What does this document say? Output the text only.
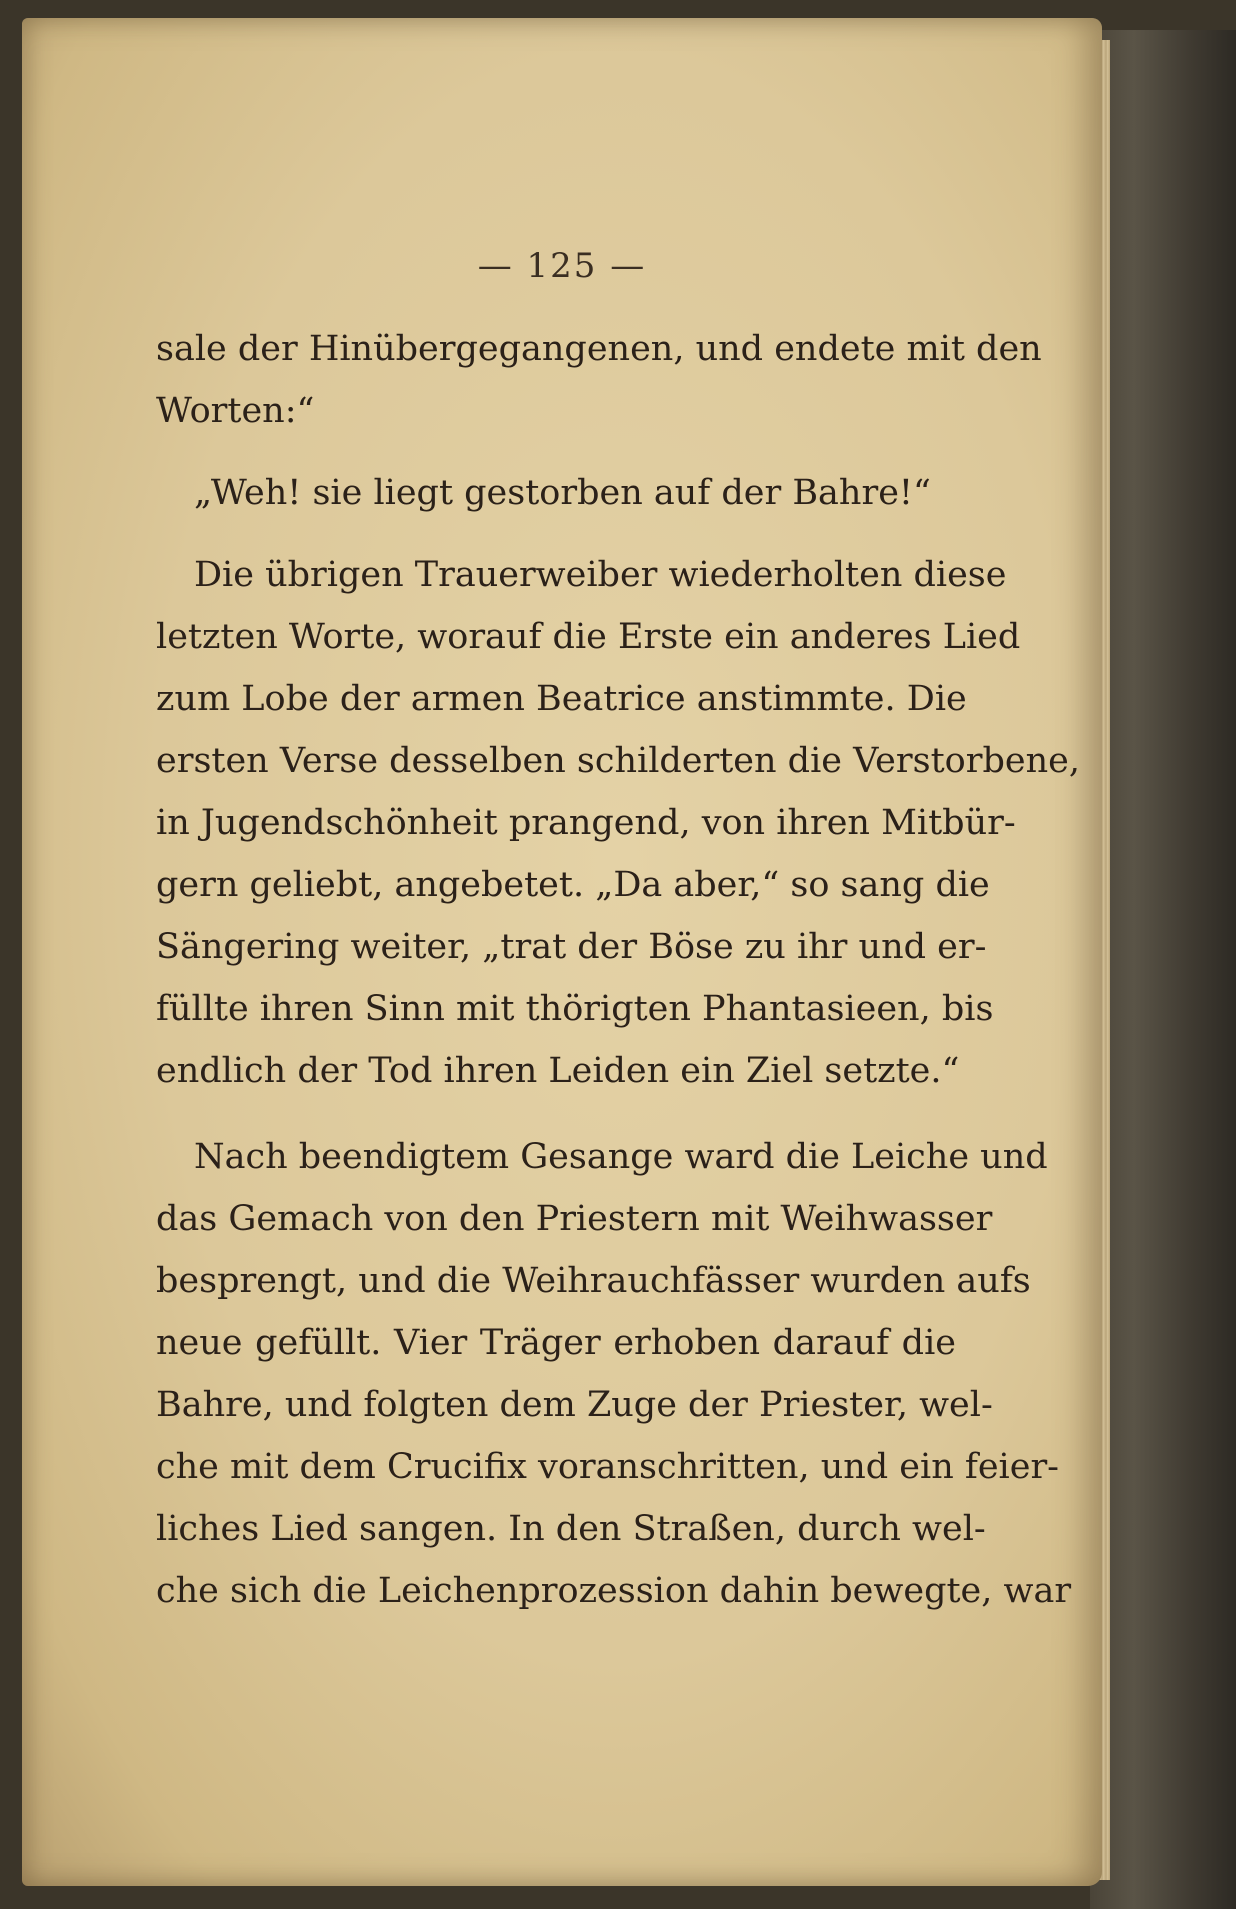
— 125 —

sale der Hinübergegangenen, und endete mit den
Worten:“

„Weh! sie liegt gestorben auf der Bahre!“

Die übrigen Trauerweiber wiederholten diese
letzten Worte, worauf die Erste ein anderes Lied
zum Lobe der armen Beatrice anstimmte. Die
ersten Verse desselben schilderten die Verstorbene,
in Jugendschönheit prangend, von ihren Mitbür-
gern geliebt, angebetet. „Da aber,“ so sang die
Sängering weiter, „trat der Böse zu ihr und er-
füllte ihren Sinn mit thörigten Phantasieen, bis
endlich der Tod ihren Leiden ein Ziel setzte.“

Nach beendigtem Gesange ward die Leiche und
das Gemach von den Priestern mit Weihwasser
besprengt, und die Weihrauchfässer wurden aufs
neue gefüllt. Vier Träger erhoben darauf die
Bahre, und folgten dem Zuge der Priester, wel-
che mit dem Crucifix voranschritten, und ein feier-
liches Lied sangen. In den Straßen, durch wel-
che sich die Leichenprozession dahin bewegte, war
